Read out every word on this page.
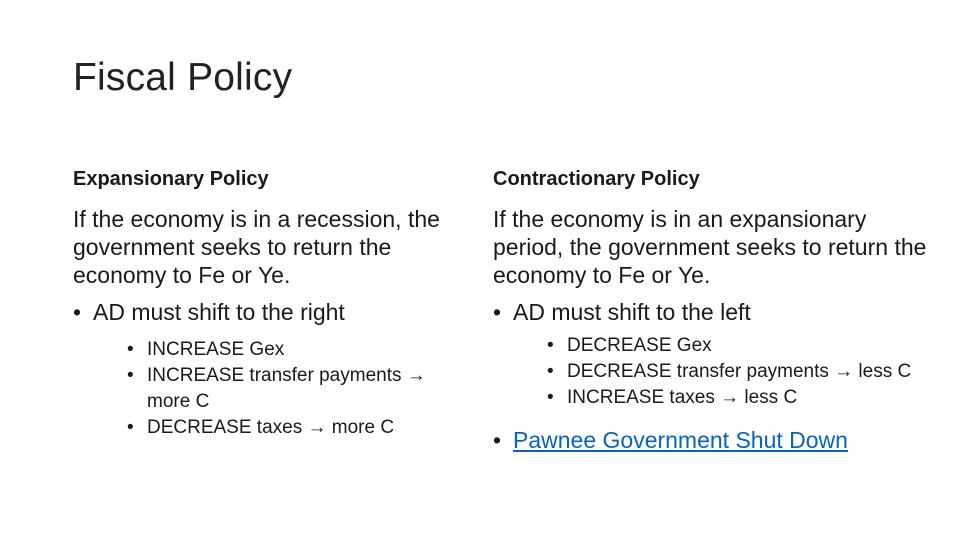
Fiscal Policy
Expansionary Policy
If the economy is in a recession, the government seeks to return the economy to Fe or Ye.
• AD must shift to the right
• INCREASE Gex
• INCREASE transfer payments → more C
• DECREASE taxes → more C
Contractionary Policy
If the economy is in an expansionary period, the government seeks to return the economy to Fe or Ye.
• AD must shift to the left
• DECREASE Gex
• DECREASE transfer payments → less C
• INCREASE taxes → less C
• Pawnee Government Shut Down
